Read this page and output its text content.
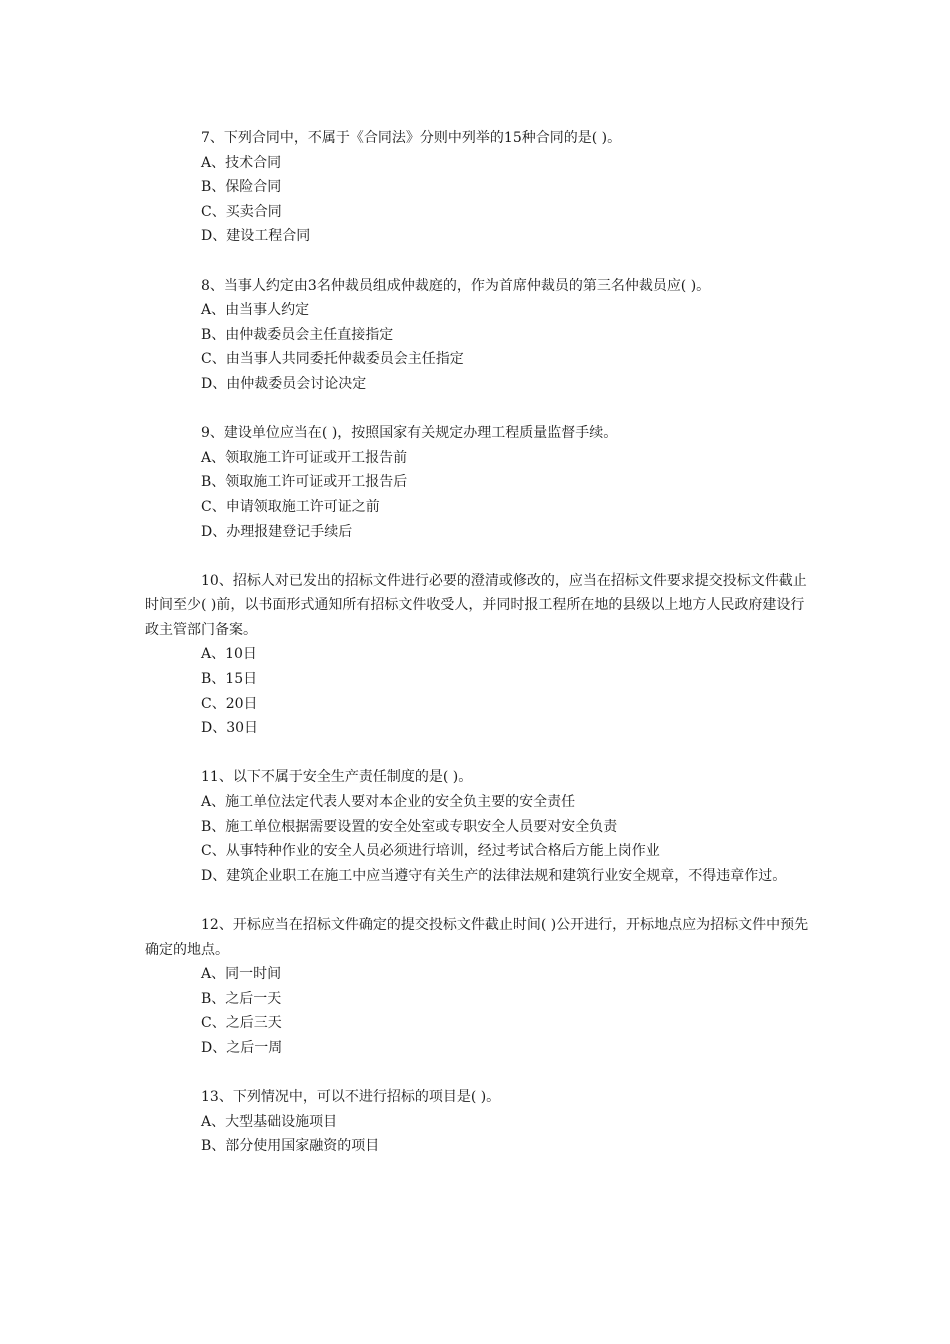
7、下列合同中，不属于《合同法》分则中列举的15种合同的是( )。

A、技术合同

B、保险合同

C、买卖合同

D、建设工程合同

8、当事人约定由3名仲裁员组成仲裁庭的，作为首席仲裁员的第三名仲裁员应( )。

A、由当事人约定

B、由仲裁委员会主任直接指定

C、由当事人共同委托仲裁委员会主任指定

D、由仲裁委员会讨论决定

9、建设单位应当在( )，按照国家有关规定办理工程质量监督手续。

A、领取施工许可证或开工报告前

B、领取施工许可证或开工报告后

C、申请领取施工许可证之前

D、办理报建登记手续后

10、招标人对已发出的招标文件进行必要的澄清或修改的，应当在招标文件要求提交投标文件截止时间至少( )前，以书面形式通知所有招标文件收受人，并同时报工程所在地的县级以上地方人民政府建设行政主管部门备案。

A、10日

B、15日

C、20日

D、30日

11、以下不属于安全生产责任制度的是( )。

A、施工单位法定代表人要对本企业的安全负主要的安全责任

B、施工单位根据需要设置的安全处室或专职安全人员要对安全负责

C、从事特种作业的安全人员必须进行培训，经过考试合格后方能上岗作业

D、建筑企业职工在施工中应当遵守有关生产的法律法规和建筑行业安全规章，不得违章作过。

12、开标应当在招标文件确定的提交投标文件截止时间( )公开进行，开标地点应为招标文件中预先确定的地点。

A、同一时间

B、之后一天

C、之后三天

D、之后一周

13、下列情况中，可以不进行招标的项目是( )。

A、大型基础设施项目

B、部分使用国家融资的项目
